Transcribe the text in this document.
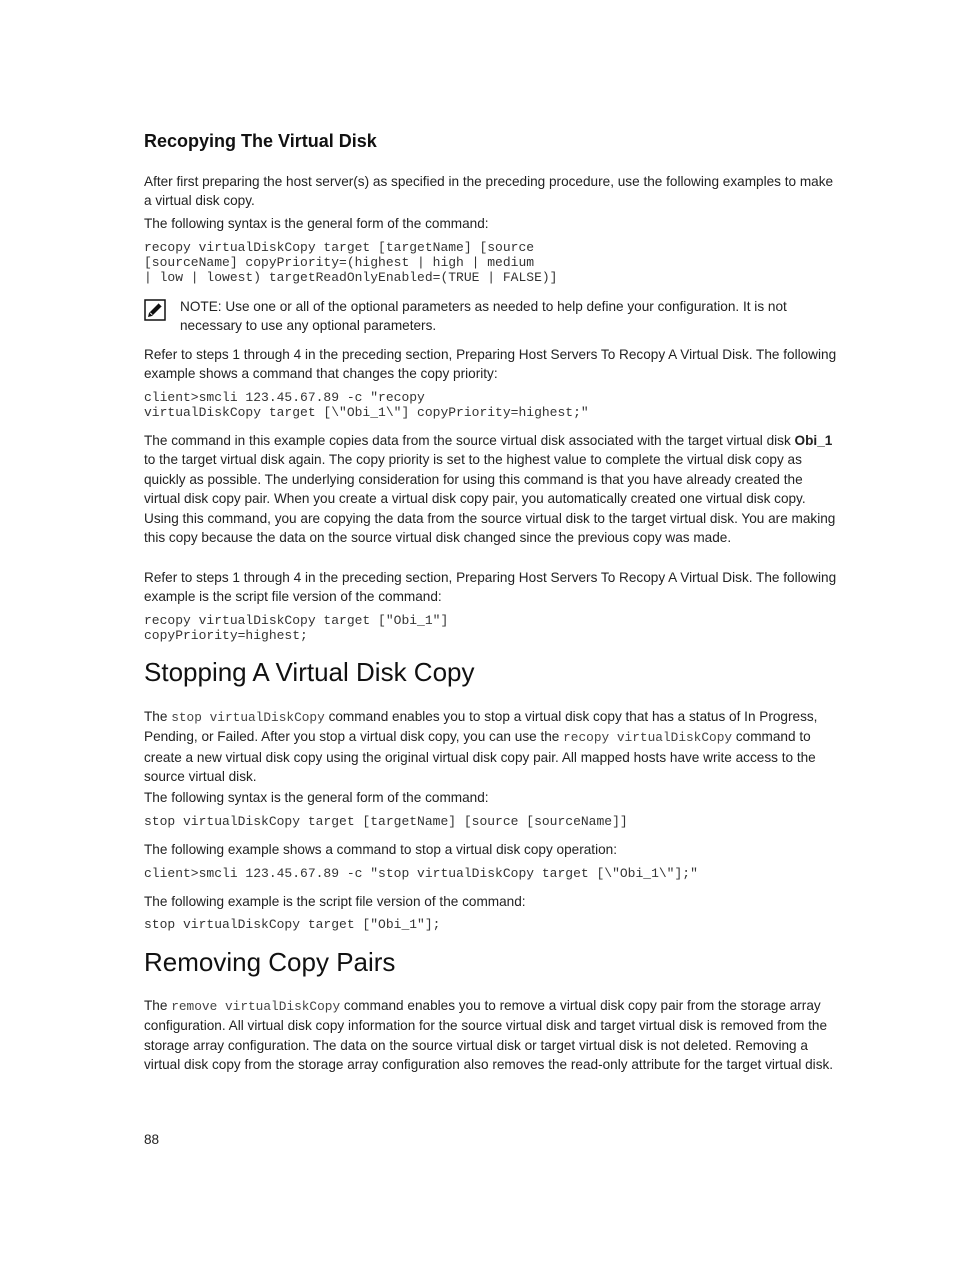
Recopying The Virtual Disk
After first preparing the host server(s) as specified in the preceding procedure, use the following examples to make a virtual disk copy.
The following syntax is the general form of the command:
recopy virtualDiskCopy target [targetName] [source
[sourceName] copyPriority=(highest | high | medium
| low | lowest) targetReadOnlyEnabled=(TRUE | FALSE)]
NOTE: Use one or all of the optional parameters as needed to help define your configuration. It is not necessary to use any optional parameters.
Refer to steps 1 through 4 in the preceding section, Preparing Host Servers To Recopy A Virtual Disk. The following example shows a command that changes the copy priority:
client>smcli 123.45.67.89 -c "recopy
virtualDiskCopy target [\"Obi_1\"] copyPriority=highest;"
The command in this example copies data from the source virtual disk associated with the target virtual disk Obi_1 to the target virtual disk again. The copy priority is set to the highest value to complete the virtual disk copy as quickly as possible. The underlying consideration for using this command is that you have already created the virtual disk copy pair. When you create a virtual disk copy pair, you automatically created one virtual disk copy. Using this command, you are copying the data from the source virtual disk to the target virtual disk. You are making this copy because the data on the source virtual disk changed since the previous copy was made.
Refer to steps 1 through 4 in the preceding section, Preparing Host Servers To Recopy A Virtual Disk. The following example is the script file version of the command:
recopy virtualDiskCopy target ["Obi_1"]
copyPriority=highest;
Stopping A Virtual Disk Copy
The stop virtualDiskCopy command enables you to stop a virtual disk copy that has a status of In Progress, Pending, or Failed. After you stop a virtual disk copy, you can use the recopy virtualDiskCopy command to create a new virtual disk copy using the original virtual disk copy pair. All mapped hosts have write access to the source virtual disk.
The following syntax is the general form of the command:
stop virtualDiskCopy target [targetName] [source [sourceName]]
The following example shows a command to stop a virtual disk copy operation:
client>smcli 123.45.67.89 -c "stop virtualDiskCopy target [\"Obi_1\"];"
The following example is the script file version of the command:
stop virtualDiskCopy target ["Obi_1"];
Removing Copy Pairs
The remove virtualDiskCopy command enables you to remove a virtual disk copy pair from the storage array configuration. All virtual disk copy information for the source virtual disk and target virtual disk is removed from the storage array configuration. The data on the source virtual disk or target virtual disk is not deleted. Removing a virtual disk copy from the storage array configuration also removes the read-only attribute for the target virtual disk.
88
